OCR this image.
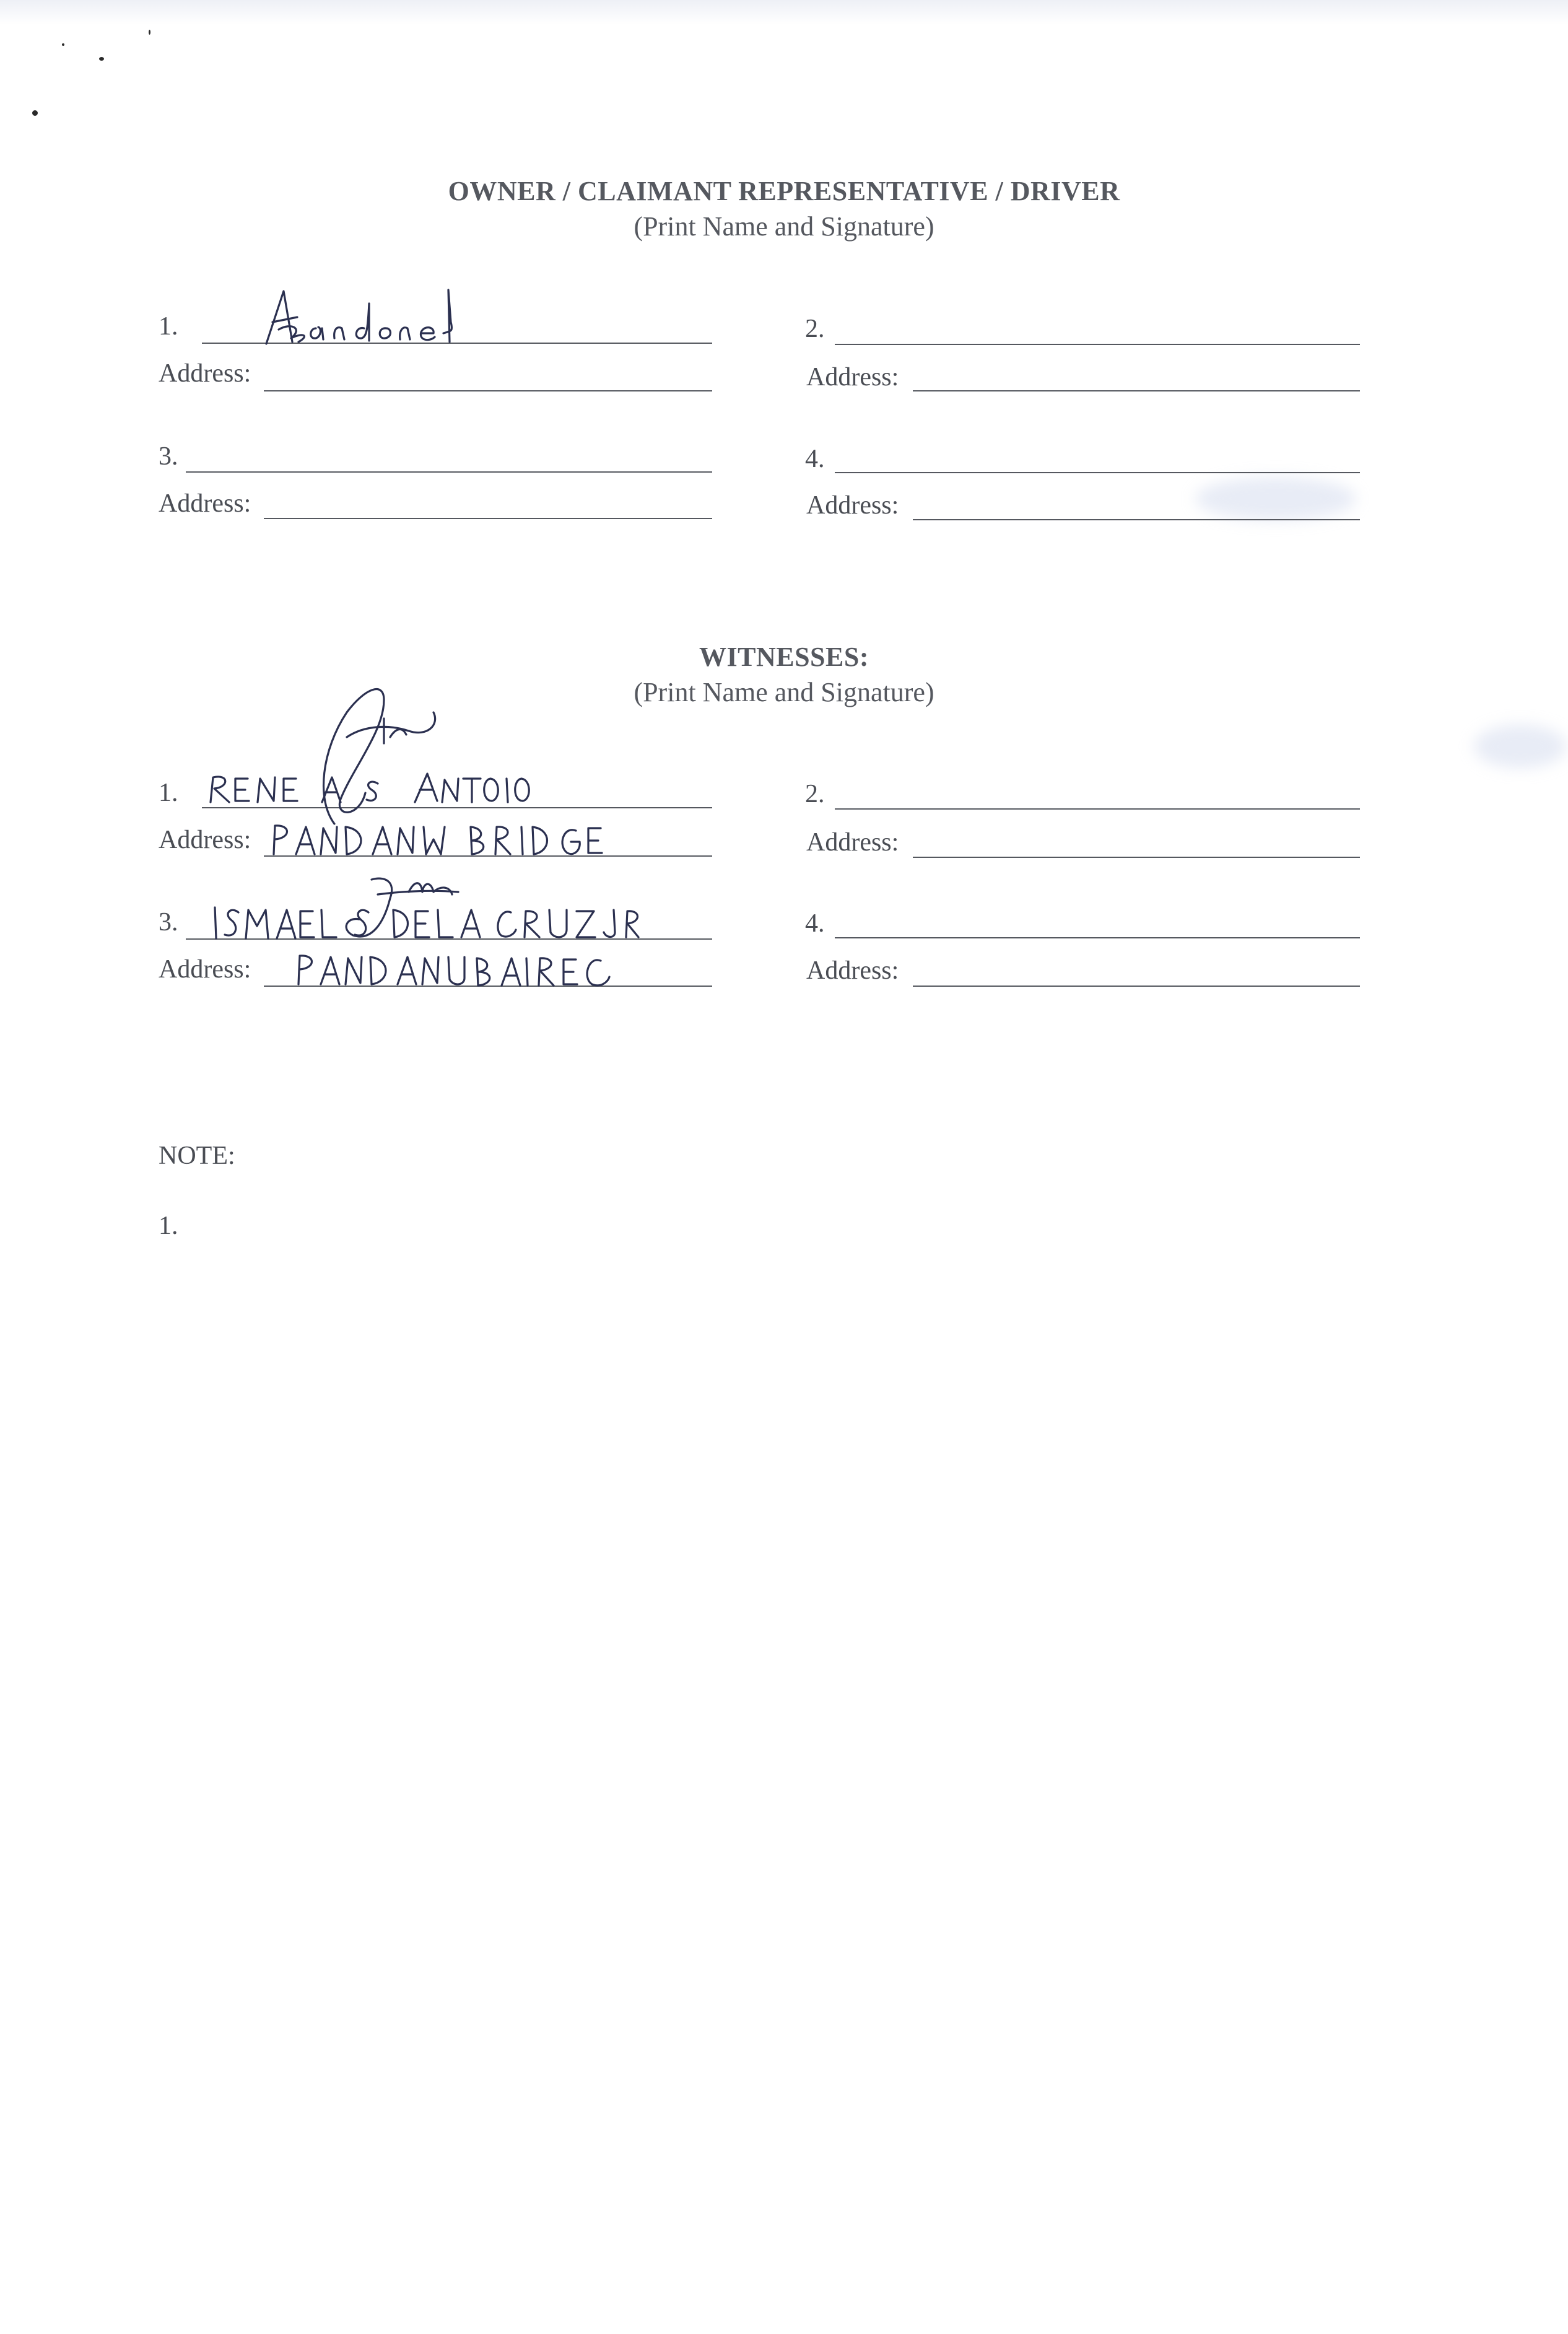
OWNER / CLAIMANT REPRESENTATIVE / DRIVER
(Print Name and Signature)
1.
Address:
2.
Address:
3.
Address:
4.
Address:
WITNESSES:
(Print Name and Signature)
1.
Address:
2.
Address:
3.
Address:
4.
Address:
NOTE:
1.
